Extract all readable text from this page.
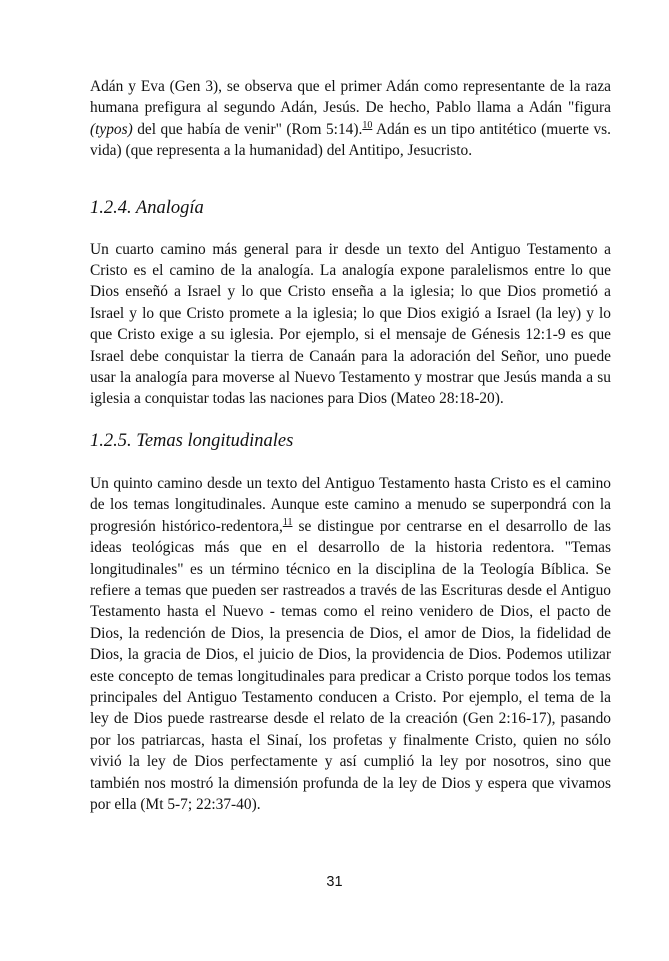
Adán y Eva (Gen 3), se observa que el primer Adán como representante de la raza humana prefigura al segundo Adán, Jesús. De hecho, Pablo llama a Adán "figura (typos) del que había de venir" (Rom 5:14).$^{10}$ Adán es un tipo antitético (muerte vs. vida) (que representa a la humanidad) del Antitipo, Jesucristo.

1.2.4. Analogía

Un cuarto camino más general para ir desde un texto del Antiguo Testamento a Cristo es el camino de la analogía. La analogía expone paralelismos entre lo que Dios enseñó a Israel y lo que Cristo enseña a la iglesia; lo que Dios prometió a Israel y lo que Cristo promete a la iglesia; lo que Dios exigió a Israel (la ley) y lo que Cristo exige a su iglesia. Por ejemplo, si el mensaje de Génesis 12:1-9 es que Israel debe conquistar la tierra de Canaán para la adoración del Señor, uno puede usar la analogía para moverse al Nuevo Testamento y mostrar que Jesús manda a su iglesia a conquistar todas las naciones para Dios (Mateo 28:18-20).

1.2.5. Temas longitudinales

Un quinto camino desde un texto del Antiguo Testamento hasta Cristo es el camino de los temas longitudinales. Aunque este camino a menudo se superpondrá con la progresión histórico-redentora,$^{11}$ se distingue por centrarse en el desarrollo de las ideas teológicas más que en el desarrollo de la historia redentora. "Temas longitudinales" es un término técnico en la disciplina de la Teología Bíblica. Se refiere a temas que pueden ser rastreados a través de las Escrituras desde el Antiguo Testamento hasta el Nuevo - temas como el reino venidero de Dios, el pacto de Dios, la redención de Dios, la presencia de Dios, el amor de Dios, la fidelidad de Dios, la gracia de Dios, el juicio de Dios, la providencia de Dios. Podemos utilizar este concepto de temas longitudinales para predicar a Cristo porque todos los temas principales del Antiguo Testamento conducen a Cristo. Por ejemplo, el tema de la ley de Dios puede rastrearse desde el relato de la creación (Gen 2:16-17), pasando por los patriarcas, hasta el Sinaí, los profetas y finalmente Cristo, quien no sólo vivió la ley de Dios perfectamente y así cumplió la ley por nosotros, sino que también nos mostró la dimensión profunda de la ley de Dios y espera que vivamos por ella (Mt 5-7; 22:37-40).

31
